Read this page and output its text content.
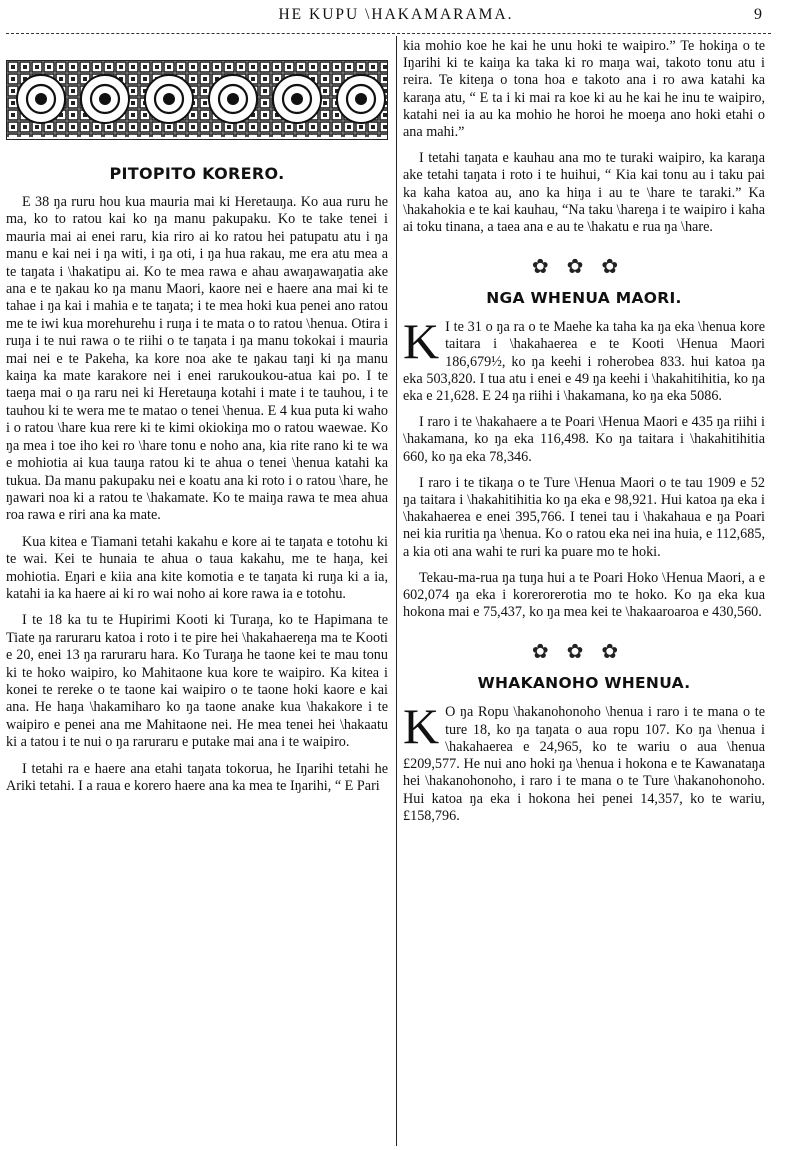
HE KUPU \HAKAMARAMA.	9
PITOPITO KORERO.

E 38 ŋa ruru hou kua mauria mai ki Heretauŋa. Ko aua ruru he ma, ko to ratou kai ko ŋa manu pakupaku. Ko te take tenei i mauria mai ai enei raru, kia riro ai ko ratou hei patupatu atu i ŋa manu e kai nei i ŋa witi, i ŋa oti, i ŋa hua rakau, me era atu mea a te taŋata i \hakatipu ai. Ko te mea rawa e ahau awaŋawaŋatia ake ana e te ŋakau ko ŋa manu Maori, kaore nei e haere ana mai ki te tahae i ŋa kai i mahia e te taŋata; i te mea hoki kua penei ano ratou me te iwi kua morehurehu i ruŋa i te mata o to ratou \henua. Otira i ruŋa i te nui rawa o te riihi o te taŋata i ŋa manu tokokai i mauria mai nei e te Pakeha, ka kore noa ake te ŋakau taŋi ki ŋa manu kaiŋa ka mate karakore nei i enei rarukoukou-atua kai po. I te taeŋa mai o ŋa raru nei ki Heretauŋa kotahi i mate i te tauhou, i te tauhou ki te wera me te matao o tenei \henua. E 4 kua puta ki waho i o ratou \hare kua rere ki te kimi okiokiŋa mo o ratou waewae. Ko ŋa mea i toe iho kei ro \hare tonu e noho ana, kia rite rano ki te wa e mohiotia ai kua tauŋa ratou ki te ahua o tenei \henua katahi ka tukua. Ŋa manu pakupaku nei e koatu ana ki roto i o ratou \hare, he ŋawari noa ki a ratou te \hakamate. Ko te maiŋa rawa te mea ahua roa rawa e riri ana ka mate.

Kua kitea e Tiamani tetahi kakahu e kore ai te taŋata e totohu ki te wai. Kei te hunaia te ahua o taua kakahu, me te haŋa, kei mohiotia. Eŋari e kiia ana kite komotia e te taŋata ki ruŋa ki a ia, katahi ia ka haere ai ki ro wai noho ai kore rawa ia e totohu.

I te 18 ka tu te Hupirimi Kooti ki Turaŋa, ko te Hapimana te Tiate ŋa raruraru katoa i roto i te pire hei \hakahaereŋa ma te Kooti e 20, enei 13 ŋa raruraru hara. Ko Turaŋa he taone kei te mau tonu ki te hoko waipiro, ko Mahitaone kua kore te waipiro. Ka kitea i konei te rereke o te taone kai waipiro o te taone hoki kaore e kai ana. He haŋa \hakamiharo ko ŋa taone anake kua \hakakore i te waipiro e penei ana me Mahitaone nei. He mea tenei hei \hakaatu ki a tatou i te nui o ŋa raruraru e putake mai ana i te waipiro.

I tetahi ra e haere ana etahi taŋata tokorua, he Iŋarihi tetahi he Ariki tetahi. I a raua e korero haere ana ka mea te Iŋarihi, “ E Pari

kia mohio koe he kai he unu hoki te waipiro.” Te hokiŋa o te Iŋarihi ki te kaiŋa ka taka ki ro maŋa wai, takoto tonu atu i reira. Te kiteŋa o tona hoa e takoto ana i ro awa katahi ka karaŋa atu, “ E ta i ki mai ra koe ki au he kai he inu te waipiro, katahi nei ia au ka mohio he horoi he moeŋa ano hoki etahi o ana mahi.”

I tetahi taŋata e kauhau ana mo te turaki waipiro, ka karaŋa ake tetahi taŋata i roto i te huihui, “ Kia kai tonu au i taku pai ka kaha katoa au, ano ka hiŋa i au te \hare te taraki.” Ka \hakahokia e te kai kauhau, “Na taku \hareŋa i te waipiro i kaha ai toku tinana, a taea ana e au te \hakatu e rua ŋa \hare.

✿✿✿
NGA WHENUA MAORI.

K I te 31 o ŋa ra o te Maehe ka taha ka ŋa eka \henua kore taitara i \hakahaerea e te Kooti \Henua Maori 186,679½, ko ŋa keehi i roherobea 833. hui katoa ŋa eka 503,820. I tua atu i enei e 49 ŋa keehi i \hakahitihitia, ko ŋa eka e 21,628. E 24 ŋa riihi i \hakamana, ko ŋa eka 5086.

I raro i te \hakahaere a te Poari \Henua Maori e 435 ŋa riihi i \hakamana, ko ŋa eka 116,498. Ko ŋa taitara i \hakahitihitia 660, ko ŋa eka 78,346.

I raro i te tikaŋa o te Ture \Henua Maori o te tau 1909 e 52 ŋa taitara i \hakahitihitia ko ŋa eka e 98,921. Hui katoa ŋa eka i \hakahaerea e enei 395,766. I tenei tau i \hakahaua e ŋa Poari nei kia ruritia ŋa \henua. Ko o ratou eka nei ina huia, e 112,685, a kia oti ana wahi te ruri ka puare mo te hoki.

Tekau-ma-rua ŋa tuŋa hui a te Poari Hoko \Henua Maori, a e 602,074 ŋa eka i korerorerotia mo te hoko. Ko ŋa eka kua hokona mai e 75,437, ko ŋa mea kei te \hakaaroaroa e 430,560.

✿✿✿
WHAKANOHO WHENUA.

K O ŋa Ropu \hakanohonoho \henua i raro i te mana o te ture 18, ko ŋa taŋata o aua ropu 107. Ko ŋa \henua i \hakahaerea e 24,965, ko te wariu o aua \henua £209,577. He nui ano hoki ŋa \henua i hokona e te Kawanataŋa hei \hakanohonoho, i raro i te mana o te Ture \hakanohonoho. Hui katoa ŋa eka i hokona hei penei 14,357, ko te wariu, £158,796.
